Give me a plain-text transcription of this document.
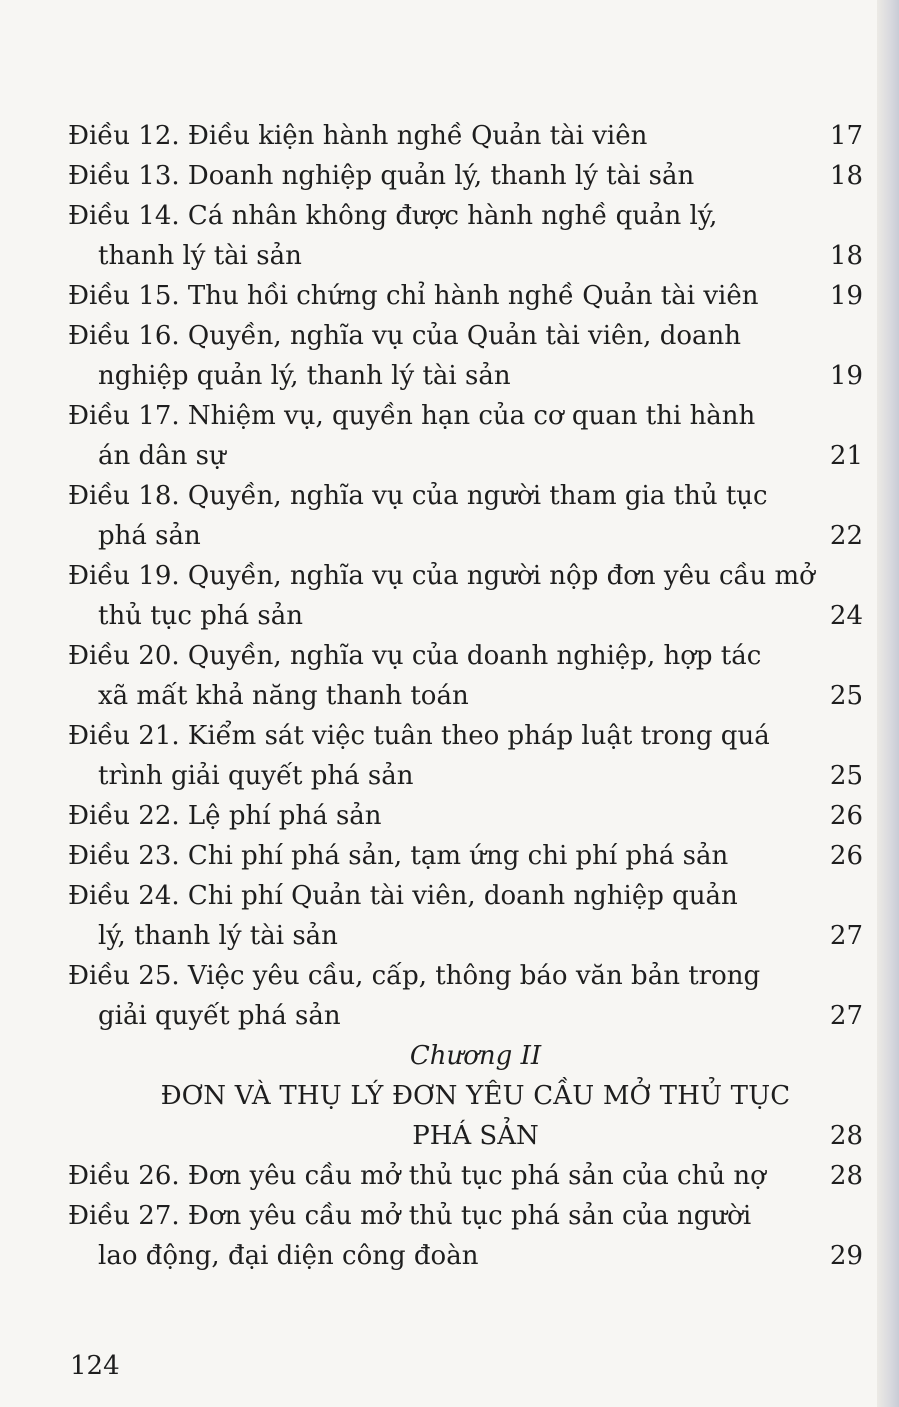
Điều 12. Điều kiện hành nghề Quản tài viên	17
Điều 13. Doanh nghiệp quản lý, thanh lý tài sản	18
Điều 14. Cá nhân không được hành nghề quản lý,
thanh lý tài sản	18
Điều 15. Thu hồi chứng chỉ hành nghề Quản tài viên	19
Điều 16. Quyền, nghĩa vụ của Quản tài viên, doanh
nghiệp quản lý, thanh lý tài sản	19
Điều 17. Nhiệm vụ, quyền hạn của cơ quan thi hành
án dân sự	21
Điều 18. Quyền, nghĩa vụ của người tham gia thủ tục
phá sản	22
Điều 19. Quyền, nghĩa vụ của người nộp đơn yêu cầu mở
thủ tục phá sản	24
Điều 20. Quyền, nghĩa vụ của doanh nghiệp, hợp tác
xã mất khả năng thanh toán	25
Điều 21. Kiểm sát việc tuân theo pháp luật trong quá
trình giải quyết phá sản	25
Điều 22. Lệ phí phá sản	26
Điều 23. Chi phí phá sản, tạm ứng chi phí phá sản	26
Điều 24. Chi phí Quản tài viên, doanh nghiệp quản
lý, thanh lý tài sản	27
Điều 25. Việc yêu cầu, cấp, thông báo văn bản trong
giải quyết phá sản	27
Chương II
ĐƠN VÀ THỤ LÝ ĐƠN YÊU CẦU MỞ THỦ TỤC
PHÁ SẢN	28
Điều 26. Đơn yêu cầu mở thủ tục phá sản của chủ nợ	28
Điều 27. Đơn yêu cầu mở thủ tục phá sản của người
lao động, đại diện công đoàn	29
124
